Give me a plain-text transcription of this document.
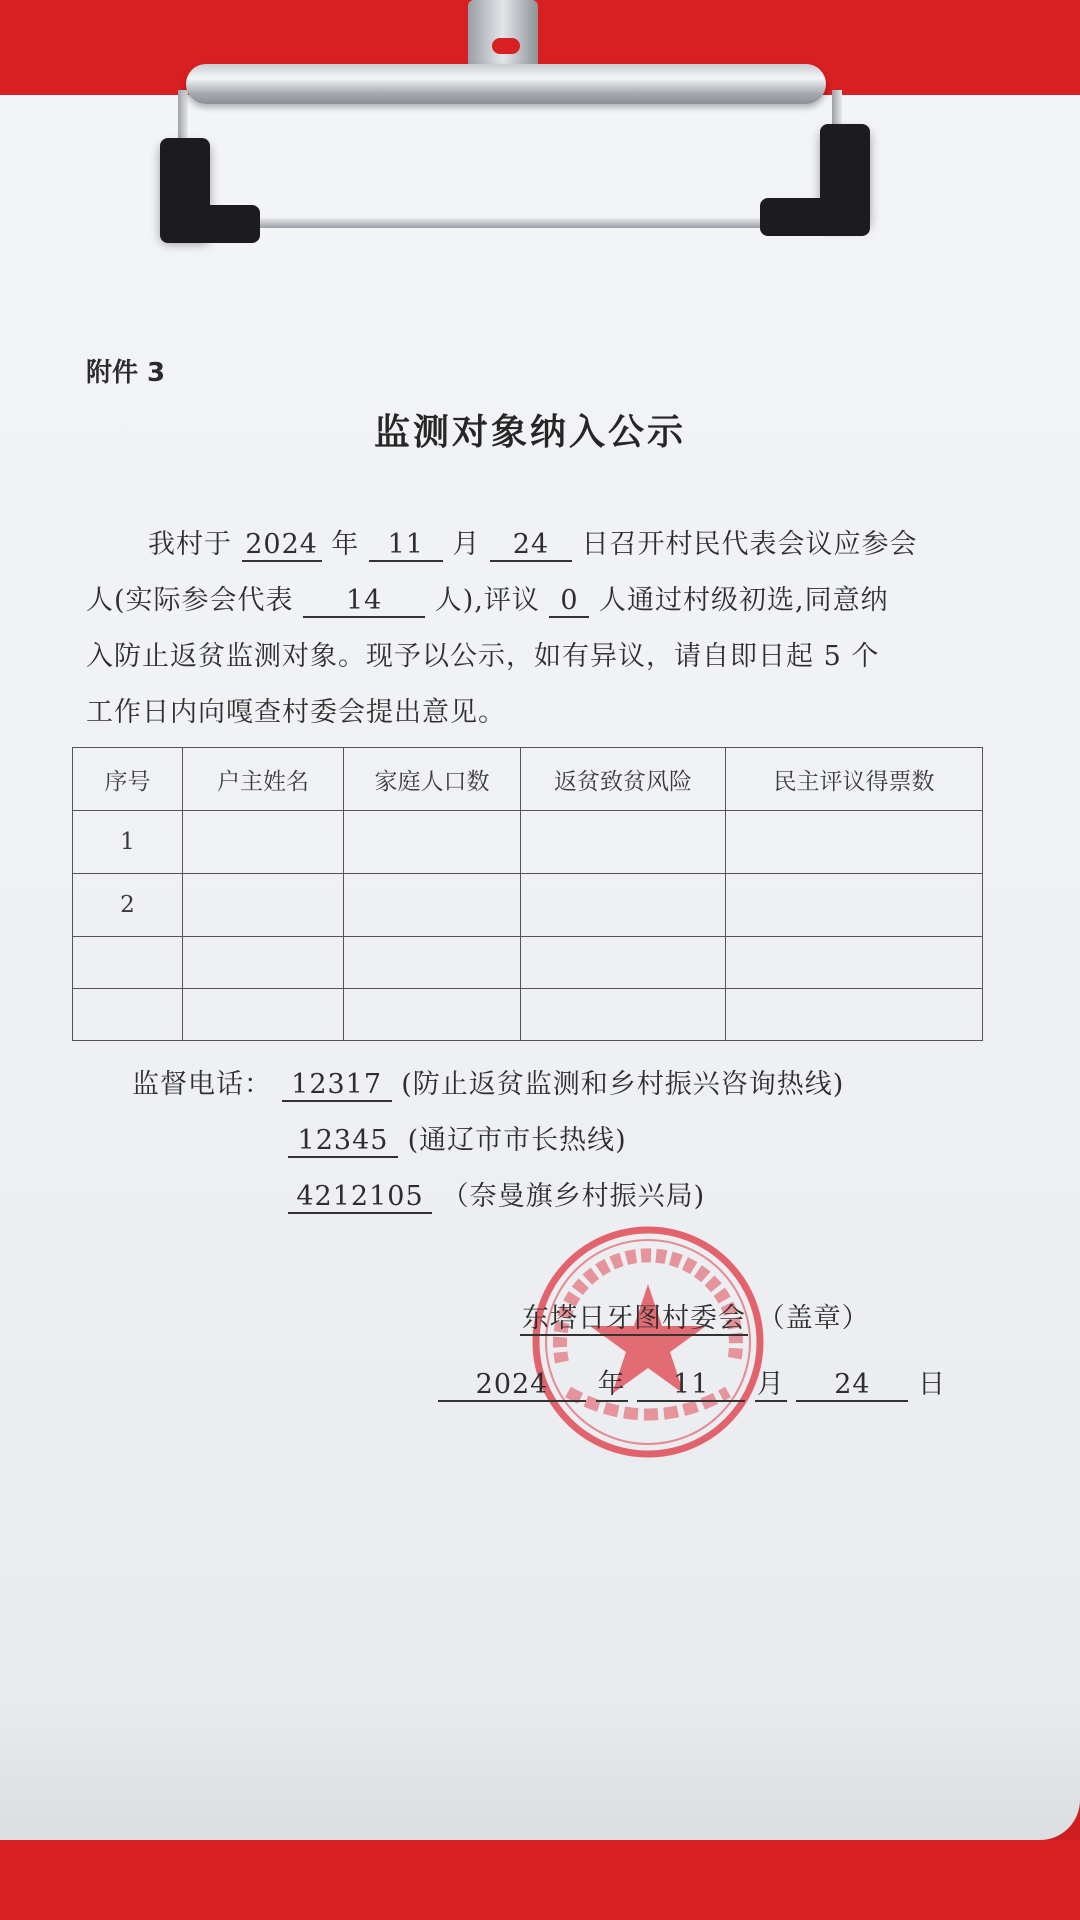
附件 3
监测对象纳入公示
我村于 2024 年 11 月 24 日召开村民代表会议应参会
人(实际参会代表 14 人),评议 0 人通过村级初选,同意纳
入防止返贫监测对象。现予以公示，如有异议，请自即日起 5 个
工作日内向嘎查村委会提出意见。
序号	户主姓名	家庭人口数	返贫致贫风险	民主评议得票数
1				
2				

监督电话： 12317 (防止返贫监测和乡村振兴咨询热线)
12345 (通辽市市长热线)
4212105 （奈曼旗乡村振兴局)
东塔日牙图村委会 （盖章）
2024 年 11 月 24 日
